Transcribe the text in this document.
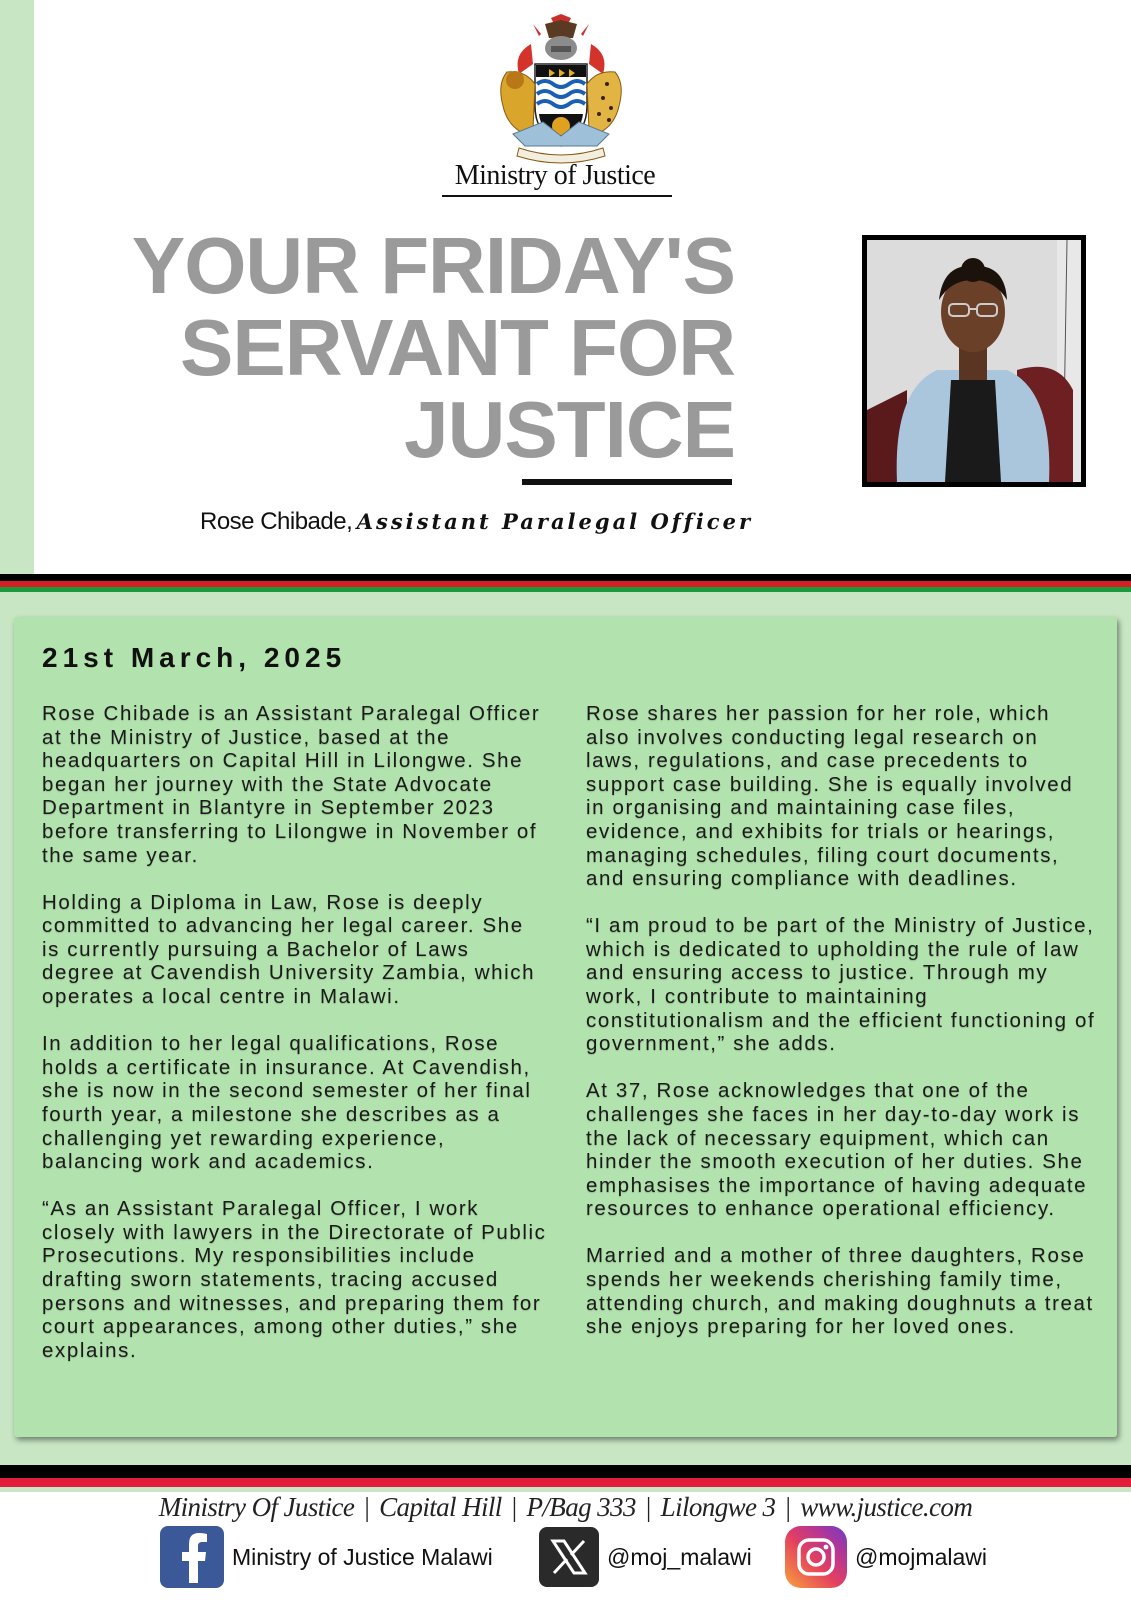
Ministry of Justice
YOUR FRIDAY'S
SERVANT FOR
JUSTICE
Rose Chibade, Assistant Paralegal Officer
21st March, 2025

Rose Chibade is an Assistant Paralegal Officer at the Ministry of Justice, based at the headquarters on Capital Hill in Lilongwe. She began her journey with the State Advocate Department in Blantyre in September 2023 before transferring to Lilongwe in November of the same year.

Holding a Diploma in Law, Rose is deeply committed to advancing her legal career. She is currently pursuing a Bachelor of Laws degree at Cavendish University Zambia, which operates a local centre in Malawi.

In addition to her legal qualifications, Rose holds a certificate in insurance. At Cavendish, she is now in the second semester of her final fourth year, a milestone she describes as a challenging yet rewarding experience, balancing work and academics.

“As an Assistant Paralegal Officer, I work closely with lawyers in the Directorate of Public Prosecutions. My responsibilities include drafting sworn statements, tracing accused persons and witnesses, and preparing them for court appearances, among other duties,” she explains.

Rose shares her passion for her role, which also involves conducting legal research on laws, regulations, and case precedents to support case building. She is equally involved in organising and maintaining case files, evidence, and exhibits for trials or hearings, managing schedules, filing court documents, and ensuring compliance with deadlines.

“I am proud to be part of the Ministry of Justice, which is dedicated to upholding the rule of law and ensuring access to justice. Through my work, I contribute to maintaining constitutionalism and the efficient functioning of government,” she adds.

At 37, Rose acknowledges that one of the challenges she faces in her day-to-day work is the lack of necessary equipment, which can hinder the smooth execution of her duties. She emphasises the importance of having adequate resources to enhance operational efficiency.

Married and a mother of three daughters, Rose spends her weekends cherishing family time, attending church, and making doughnuts a treat she enjoys preparing for her loved ones.

Ministry Of Justice | Capital Hill | P/Bag 333 | Lilongwe 3 | www.justice.com
Ministry of Justice Malawi	@moj_malawi	@mojmalawi
